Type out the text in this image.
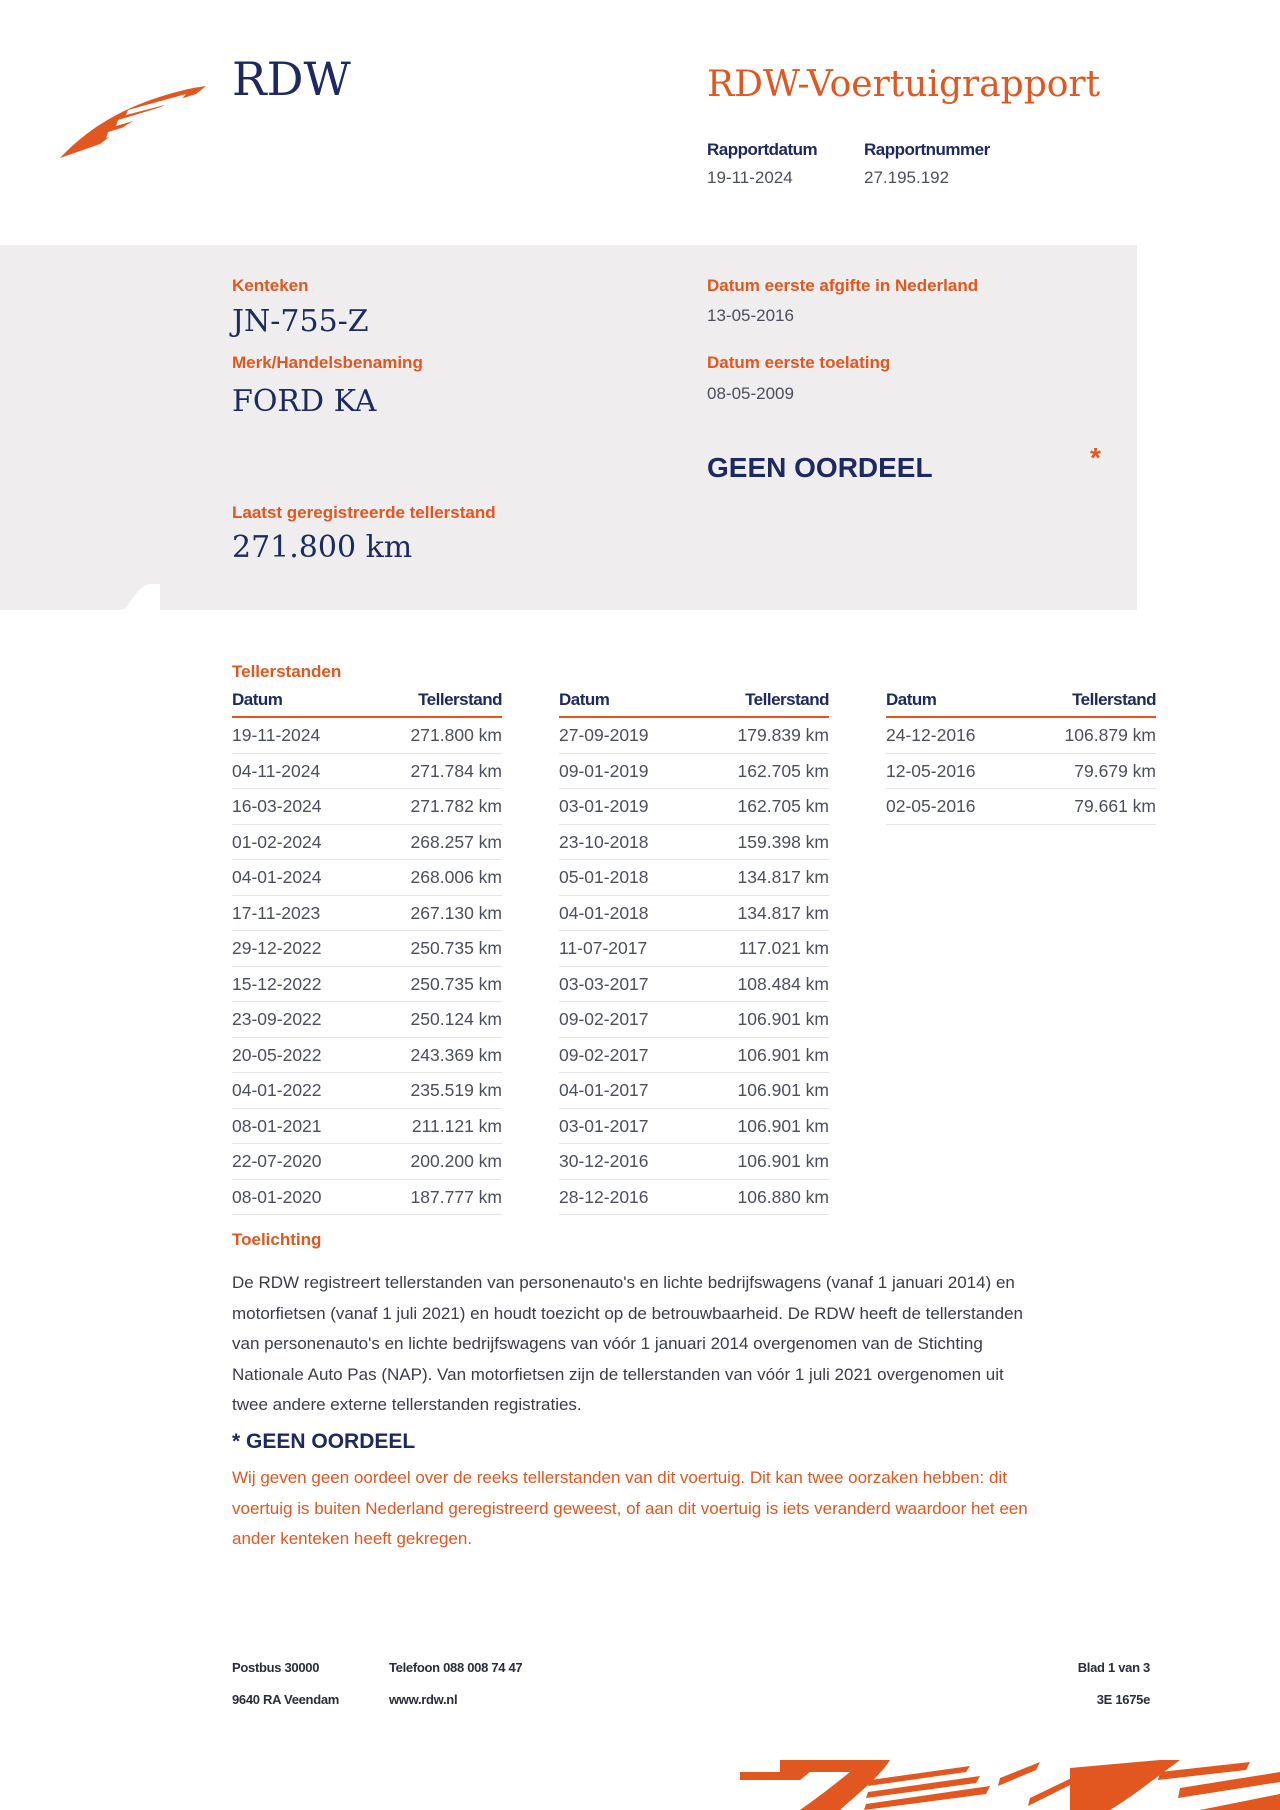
RDW	RDW-Voertuigrapport
Rapportdatum
19-11-2024
Rapportnummer
27.195.192
Kenteken
JN-755-Z
Merk/Handelsbenaming
FORD KA
Datum eerste afgifte in Nederland
13-05-2016
Datum eerste toelating
08-05-2009
GEEN OORDEEL	*
Laatst geregistreerde tellerstand
271.800 km
Tellerstanden
Datum	Tellerstand
19-11-2024	271.800 km
04-11-2024	271.784 km
16-03-2024	271.782 km
01-02-2024	268.257 km
04-01-2024	268.006 km
17-11-2023	267.130 km
29-12-2022	250.735 km
15-12-2022	250.735 km
23-09-2022	250.124 km
20-05-2022	243.369 km
04-01-2022	235.519 km
08-01-2021	211.121 km
22-07-2020	200.200 km
08-01-2020	187.777 km
Datum	Tellerstand
27-09-2019	179.839 km
09-01-2019	162.705 km
03-01-2019	162.705 km
23-10-2018	159.398 km
05-01-2018	134.817 km
04-01-2018	134.817 km
11-07-2017	117.021 km
03-03-2017	108.484 km
09-02-2017	106.901 km
09-02-2017	106.901 km
04-01-2017	106.901 km
03-01-2017	106.901 km
30-12-2016	106.901 km
28-12-2016	106.880 km
Datum	Tellerstand
24-12-2016	106.879 km
12-05-2016	79.679 km
02-05-2016	79.661 km
Toelichting
De RDW registreert tellerstanden van personenauto's en lichte bedrijfswagens (vanaf 1 januari 2014) en
motorfietsen (vanaf 1 juli 2021) en houdt toezicht op de betrouwbaarheid. De RDW heeft de tellerstanden
van personenauto's en lichte bedrijfswagens van vóór 1 januari 2014 overgenomen van de Stichting
Nationale Auto Pas (NAP). Van motorfietsen zijn de tellerstanden van vóór 1 juli 2021 overgenomen uit
twee andere externe tellerstanden registraties.
* GEEN OORDEEL
Wij geven geen oordeel over de reeks tellerstanden van dit voertuig. Dit kan twee oorzaken hebben: dit
voertuig is buiten Nederland geregistreerd geweest, of aan dit voertuig is iets veranderd waardoor het een
ander kenteken heeft gekregen.
Postbus 30000
9640 RA Veendam
Telefoon 088 008 74 47
www.rdw.nl
Blad 1 van 3
3E 1675e
